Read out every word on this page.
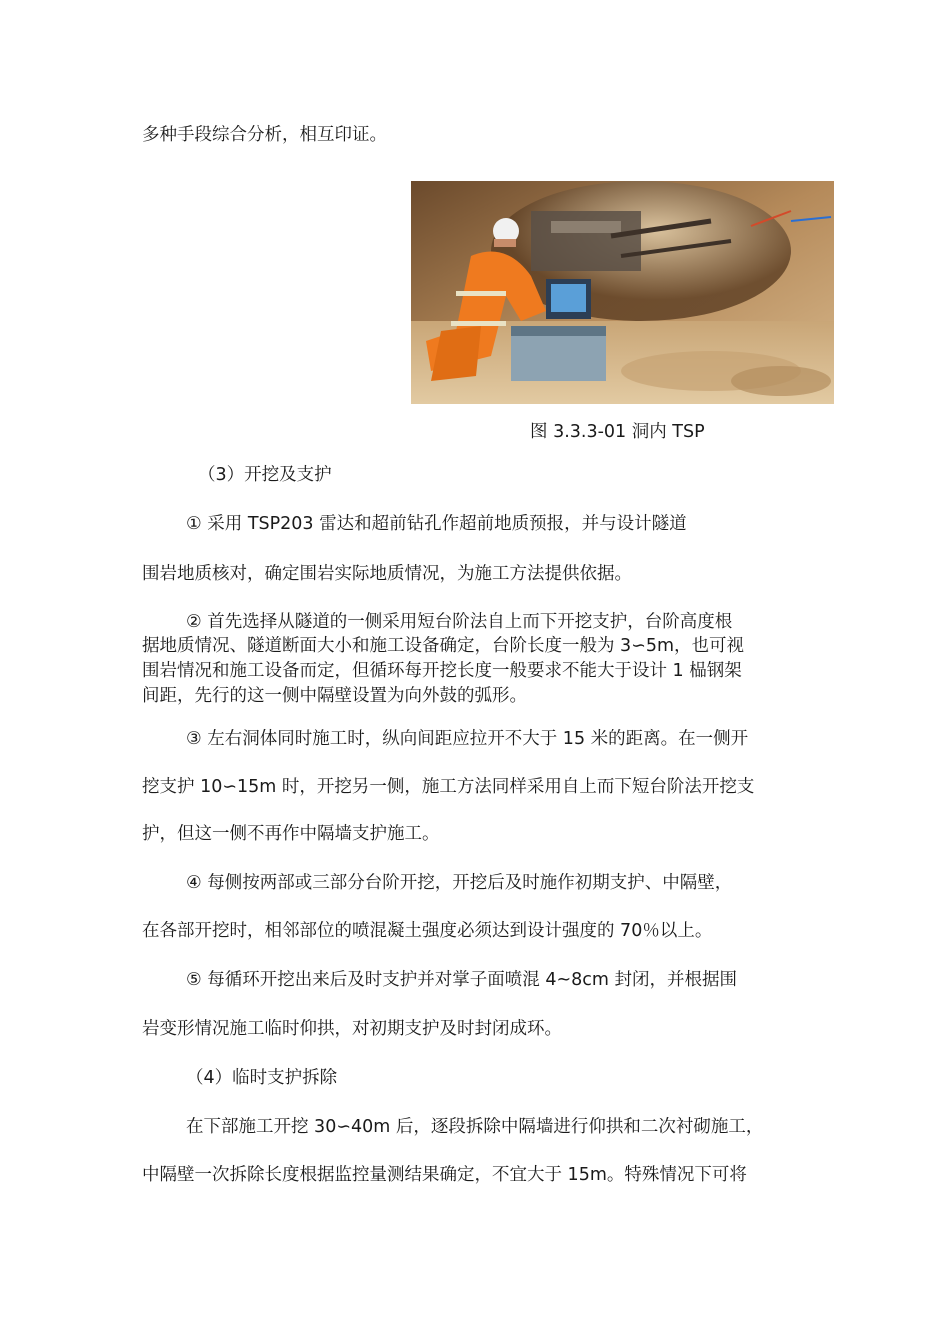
多种手段综合分析，相互印证。

图 3.3.3-01 洞内 TSP

（3）开挖及支护

① 采用 TSP203 雷达和超前钻孔作超前地质预报，并与设计隧道

围岩地质核对，确定围岩实际地质情况，为施工方法提供依据。

② 首先选择从隧道的一侧采用短台阶法自上而下开挖支护，台阶高度根

据地质情况、隧道断面大小和施工设备确定，台阶长度一般为 3∽5m，也可视

围岩情况和施工设备而定，但循环每开挖长度一般要求不能大于设计 1 榀钢架

间距，先行的这一侧中隔壁设置为向外鼓的弧形。

③ 左右洞体同时施工时，纵向间距应拉开不大于 15 米的距离。在一侧开

挖支护 10∽15m 时，开挖另一侧，施工方法同样采用自上而下短台阶法开挖支

护，但这一侧不再作中隔墙支护施工。

④ 每侧按两部或三部分台阶开挖，开挖后及时施作初期支护、中隔壁，

在各部开挖时，相邻部位的喷混凝土强度必须达到设计强度的 70％以上。

⑤ 每循环开挖出来后及时支护并对掌子面喷混 4~8cm 封闭，并根据围

岩变形情况施工临时仰拱，对初期支护及时封闭成环。

（4）临时支护拆除

在下部施工开挖 30∽40m 后，逐段拆除中隔墙进行仰拱和二次衬砌施工，

中隔壁一次拆除长度根据监控量测结果确定，不宜大于 15m。特殊情况下可将
